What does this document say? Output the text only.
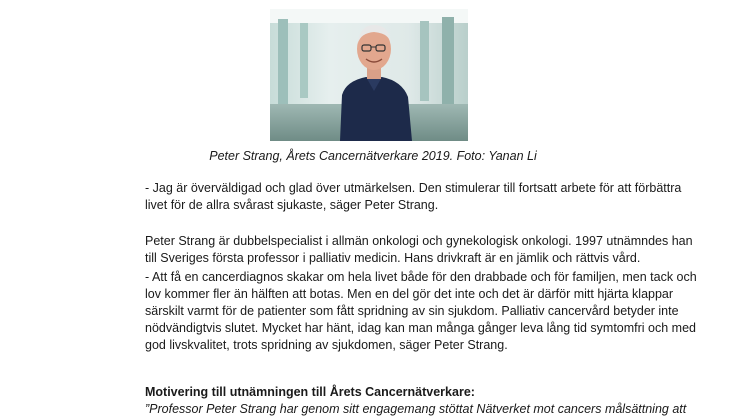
Peter Strang, Årets Cancernätverkare 2019. Foto: Yanan Li

- Jag är överväldigad och glad över utmärkelsen. Den stimulerar till fortsatt arbete för att förbättra
livet för de allra svårast sjukaste, säger Peter Strang.

Peter Strang är dubbelspecialist i allmän onkologi och gynekologisk onkologi. 1997 utnämndes han
till Sveriges första professor i palliativ medicin. Hans drivkraft är en jämlik och rättvis vård.

- Att få en cancerdiagnos skakar om hela livet både för den drabbade och för familjen, men tack och
lov kommer fler än hälften att botas. Men en del gör det inte och det är därför mitt hjärta klappar
särskilt varmt för de patienter som fått spridning av sin sjukdom. Palliativ cancervård betyder inte
nödvändigtvis slutet. Mycket har hänt, idag kan man många gånger leva lång tid symtomfri och med
god livskvalitet, trots spridning av sjukdomen, säger Peter Strang.

Motivering till utnämningen till Årets Cancernätverkare:

”Professor Peter Strang har genom sitt engagemang stöttat Nätverket mot cancers målsättning att
